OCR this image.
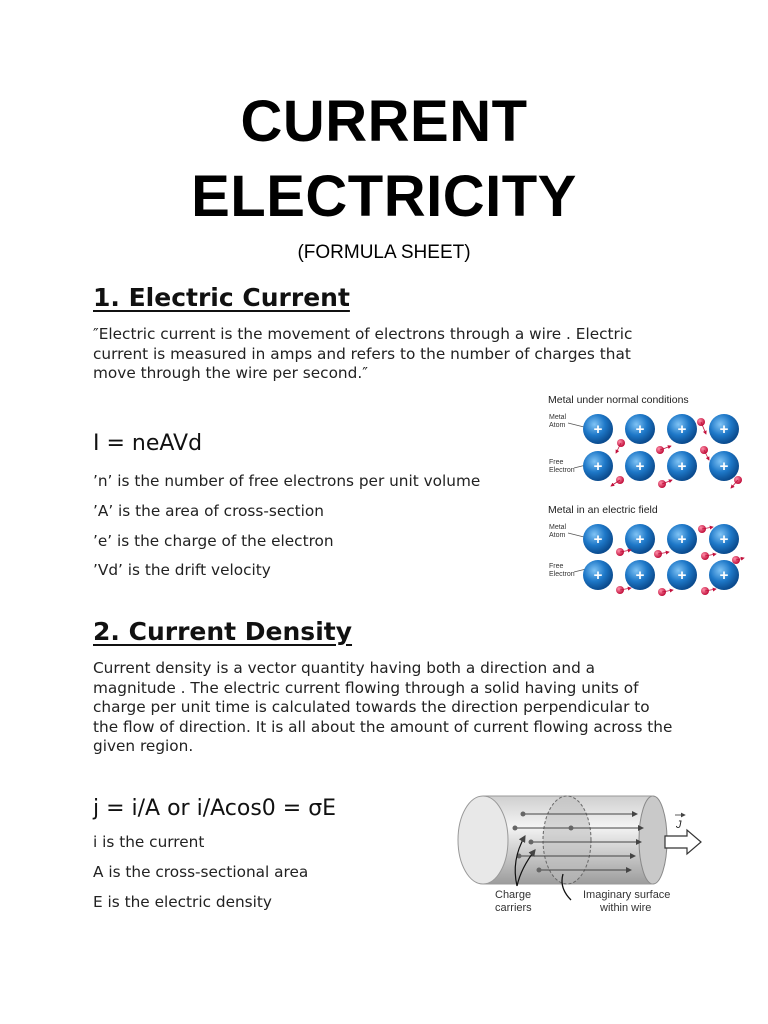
CURRENT
ELECTRICITY
(FORMULA SHEET)
1. Electric Current

″Electric current is the movement of electrons through a wire . Electric current is measured in amps and refers to the number of charges that move through the wire per second.″

I = neAVd

’n’ is the number of free electrons per unit volume

’A’ is the area of cross-section

’e’ is the charge of the electron

’Vd’ is the drift velocity

Metal under normal conditions
Metal
Atom
Free
Electron
+ + + +
+ + + +
Metal in an electric field
Metal
Atom
Free
Electron
+ + + +
+ + + +
2. Current Density

Current density is a vector quantity having both a direction and a magnitude . The electric current flowing through a solid having units of charge per unit time is calculated towards the direction perpendicular to the flow of direction. It is all about the amount of current flowing across the given region.

j = i/A or i/Acos0 = σE

i is the current

A is the cross-sectional area

E is the electric density

J
Charge
carriers
Imaginary surface
within wire
